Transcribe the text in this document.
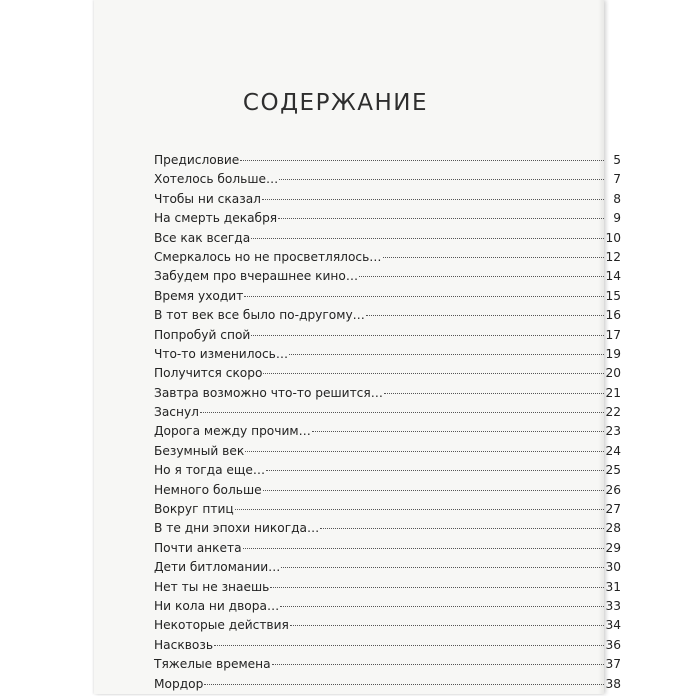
СОДЕРЖАНИЕ
Предисловие	5
Хотелось больше…	7
Чтобы ни сказал	8
На смерть декабря	9
Все как всегда	10
Смеркалось но не просветлялось…	12
Забудем про вчерашнее кино…	14
Время уходит	15
В тот век все было по-другому…	16
Попробуй спой	17
Что-то изменилось…	19
Получится скоро	20
Завтра возможно что-то решится…	21
Заснул	22
Дорога между прочим…	23
Безумный век	24
Но я тогда еще…	25
Немного больше	26
Вокруг птиц	27
В те дни эпохи никогда…	28
Почти анкета	29
Дети битломании…	30
Нет ты не знаешь	31
Ни кола ни двора…	33
Некоторые действия	34
Насквозь	36
Тяжелые времена	37
Мордор	38
